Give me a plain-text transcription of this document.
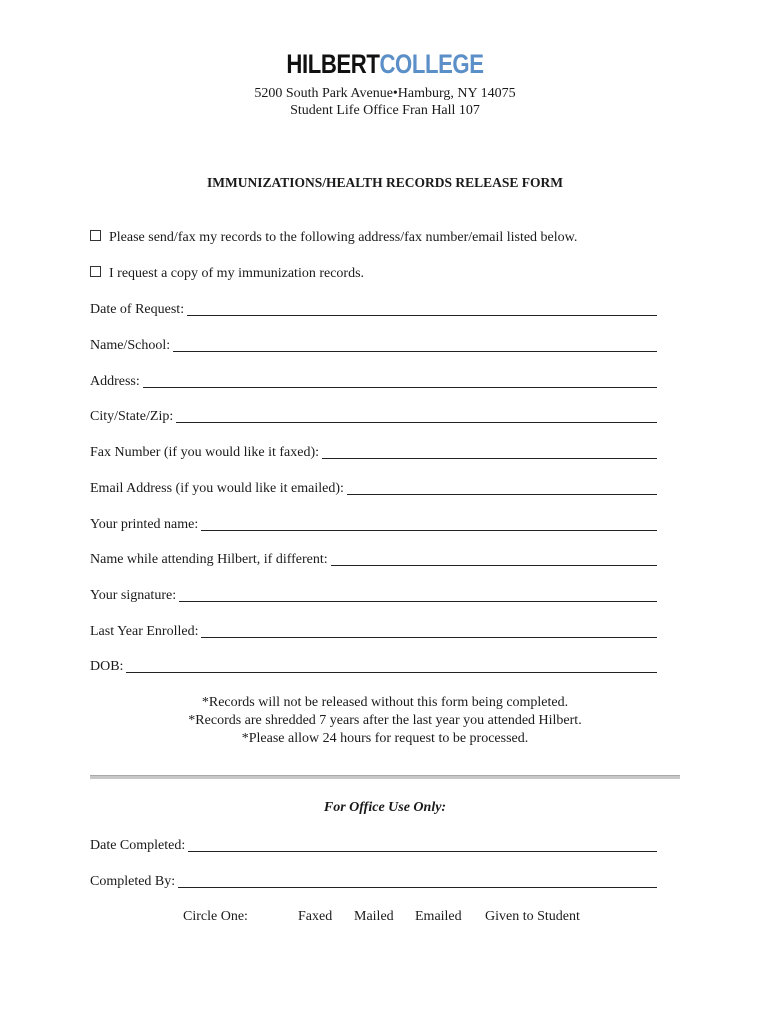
HILBERTCOLLEGE
5200 South Park Avenue•Hamburg, NY 14075
Student Life Office Fran Hall 107
IMMUNIZATIONS/HEALTH RECORDS RELEASE FORM
Please send/fax my records to the following address/fax number/email listed below.
I request a copy of my immunization records.
Date of Request:
Name/School:
Address:
City/State/Zip:
Fax Number (if you would like it faxed):
Email Address (if you would like it emailed):
Your printed name:
Name while attending Hilbert, if different:
Your signature:
Last Year Enrolled:
DOB:
*Records will not be released without this form being completed.
*Records are shredded 7 years after the last year you attended Hilbert.
*Please allow 24 hours for request to be processed.
For Office Use Only:
Date Completed:
Completed By:
Circle One:	Faxed Mailed Emailed Given to Student
